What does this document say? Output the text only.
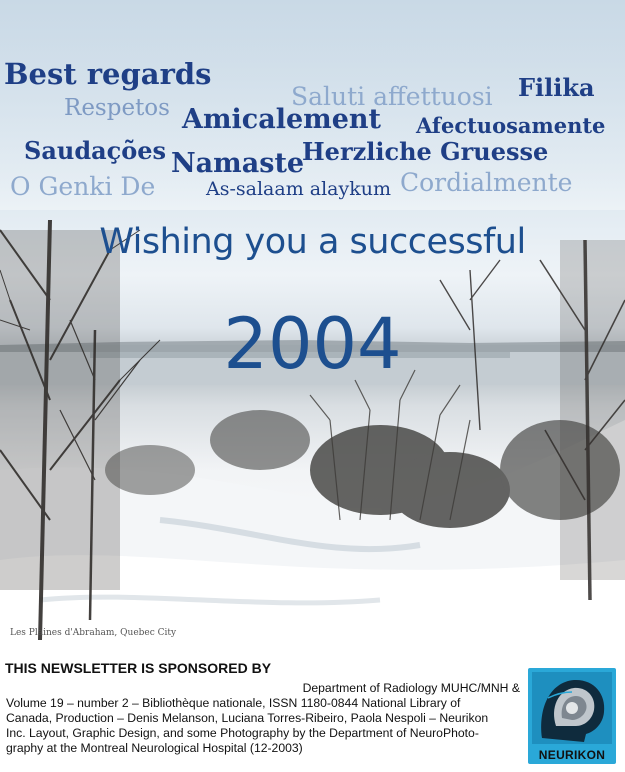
Best regards
Respetos Amicalement
Saluti affettuosi Filika
Afectuosamente
Saudações Namaste
Herzliche Gruesse
O Genki De	As-salaam alaykum Cordialmente
Wishing you a successful
2004
Les Plaines d'Abraham, Quebec City
THIS NEWSLETTER IS SPONSORED BY
Department of Radiology MUHC/MNH &
Volume 19 – number 2 – Bibliothèque nationale, ISSN 1180-0844 National Library of
Canada, Production – Denis Melanson, Luciana Torres-Ribeiro, Paola Nespoli – Neurikon
Inc. Layout, Graphic Design, and some Photography by the Department of NeuroPhoto-
graphy at the Montreal Neurological Hospital (12-2003)	NEURIKON
